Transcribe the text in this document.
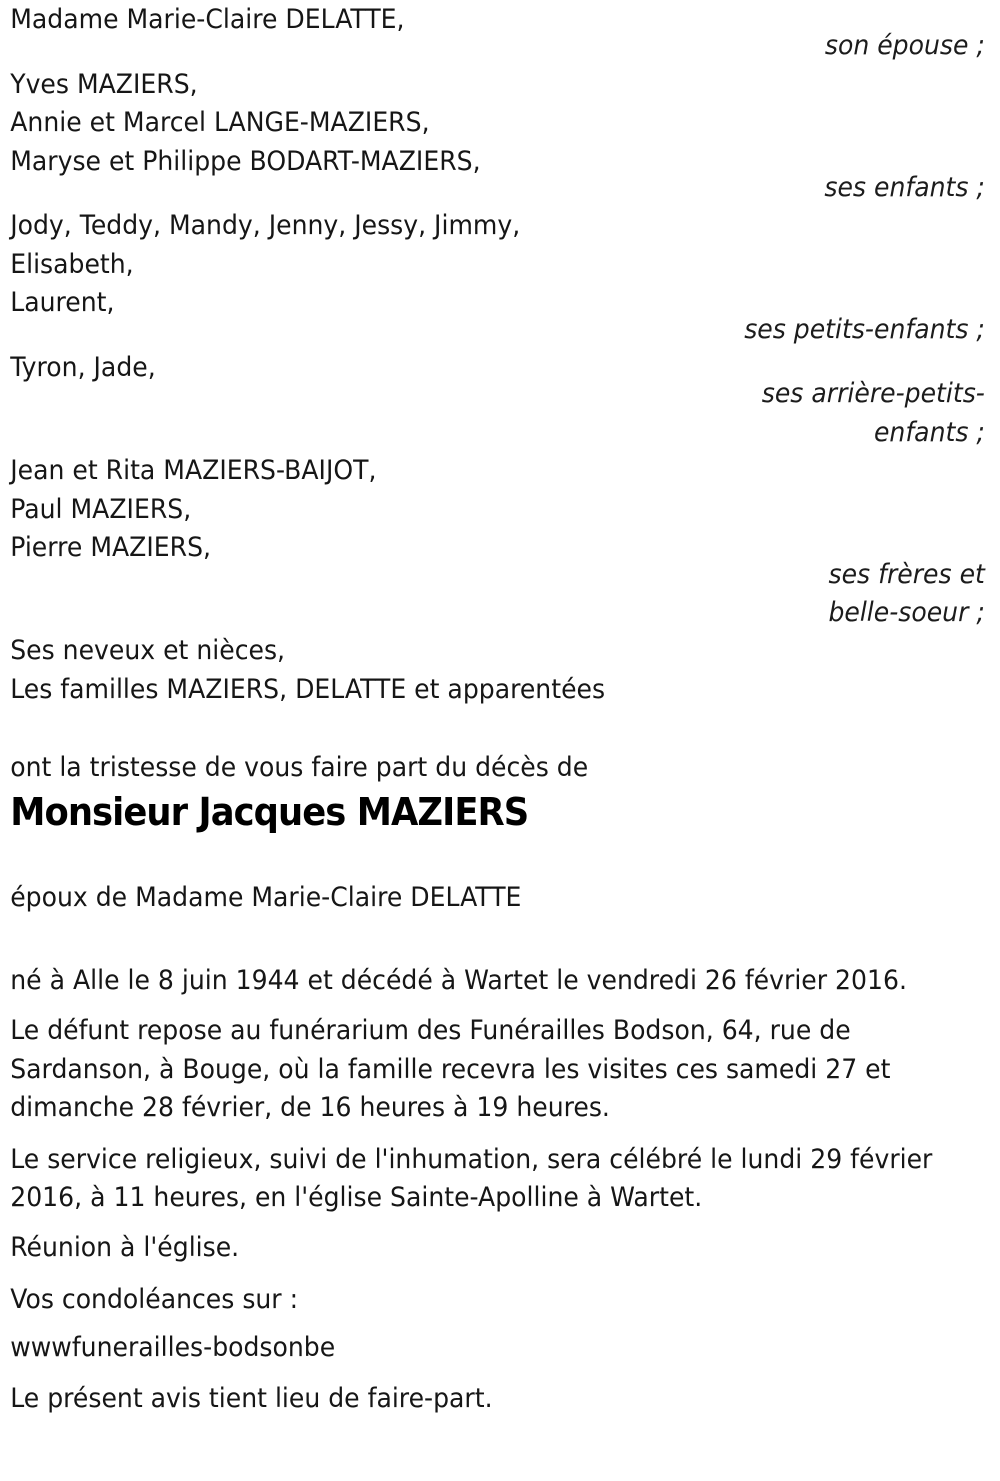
Madame Marie-Claire DELATTE,
son épouse ;
Yves MAZIERS,
Annie et Marcel LANGE-MAZIERS,
Maryse et Philippe BODART-MAZIERS,
ses enfants ;
Jody, Teddy, Mandy, Jenny, Jessy, Jimmy,
Elisabeth,
Laurent,
ses petits-enfants ;
Tyron, Jade,
ses arrière-petits-
enfants ;
Jean et Rita MAZIERS-BAIJOT,
Paul MAZIERS,
Pierre MAZIERS,
ses frères et
belle-soeur ;
Ses neveux et nièces,
Les familles MAZIERS, DELATTE et apparentées

ont la tristesse de vous faire part du décès de

Monsieur Jacques MAZIERS

époux de Madame Marie-Claire DELATTE

né à Alle le 8 juin 1944 et décédé à Wartet le vendredi 26 février 2016.

Le défunt repose au funérarium des Funérailles Bodson, 64, rue de Sardanson, à Bouge, où la famille recevra les visites ces samedi 27 et dimanche 28 février, de 16 heures à 19 heures.

Le service religieux, suivi de l'inhumation, sera célébré le lundi 29 février 2016, à 11 heures, en l'église Sainte-Apolline à Wartet.

Réunion à l'église.

Vos condoléances sur :

wwwfunerailles-bodsonbe

Le présent avis tient lieu de faire-part.
